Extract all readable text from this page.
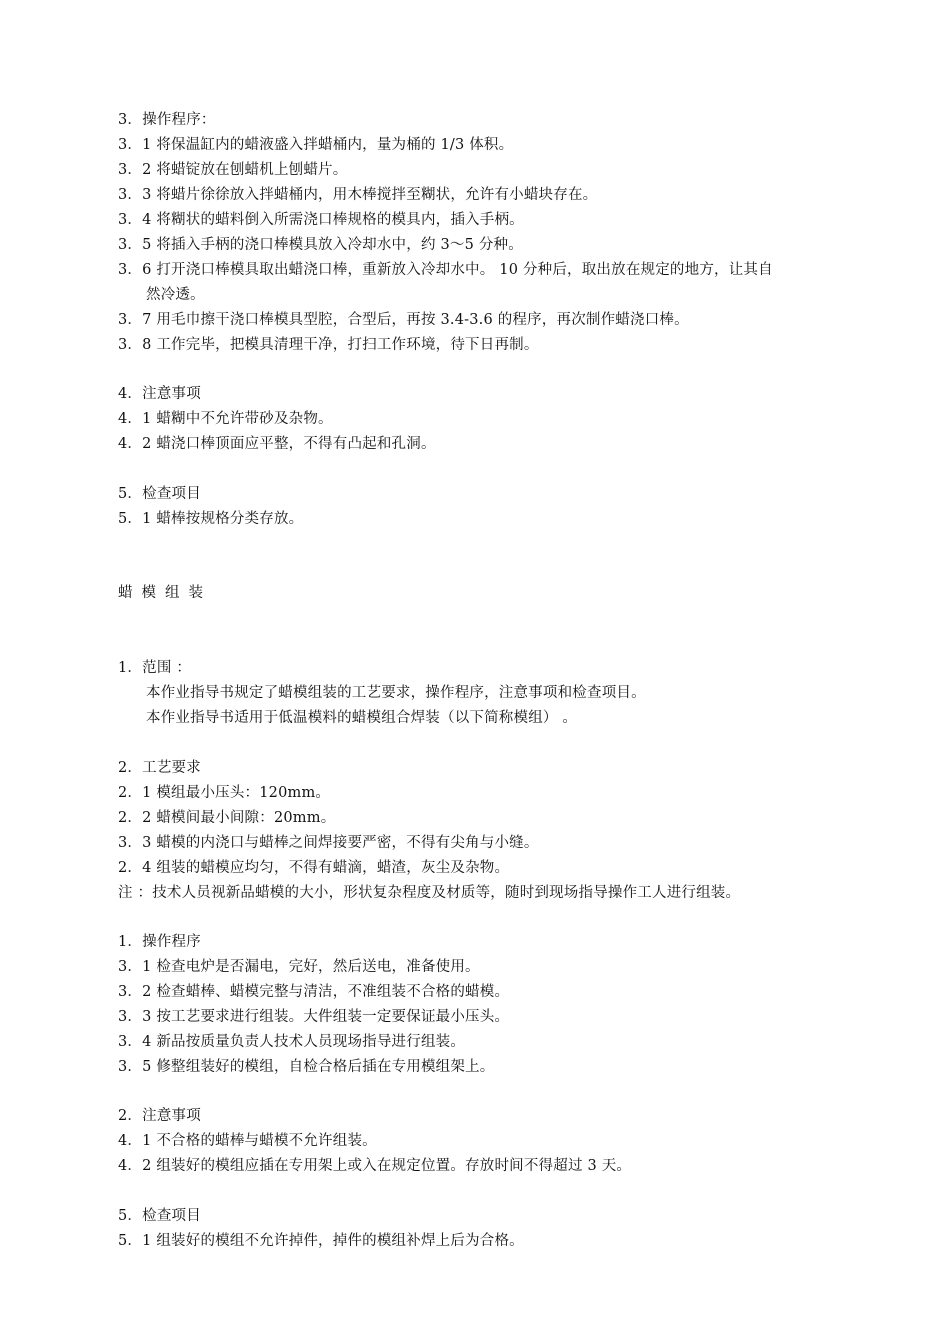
3．操作程序：
3．1 将保温缸内的蜡液盛入拌蜡桶内，量为桶的 1/3 体积。
3．2 将蜡锭放在刨蜡机上刨蜡片。
3．3 将蜡片徐徐放入拌蜡桶内，用木棒搅拌至糊状，允许有小蜡块存在。
3．4 将糊状的蜡料倒入所需浇口棒规格的模具内，插入手柄。
3．5 将插入手柄的浇口棒模具放入冷却水中，约 3～5 分种。
3．6 打开浇口棒模具取出蜡浇口棒，重新放入冷却水中。 10 分种后，取出放在规定的地方，让其自
然冷透。
3．7 用毛巾擦干浇口棒模具型腔，合型后，再按 3.4-3.6 的程序，再次制作蜡浇口棒。
3．8 工作完毕，把模具清理干净，打扫工作环境，待下日再制。
4．注意事项
4．1 蜡糊中不允许带砂及杂物。
4．2 蜡浇口棒顶面应平整，不得有凸起和孔洞。
5．检查项目
5．1 蜡棒按规格分类存放。
蜡模组装
1．范围 ：
本作业指导书规定了蜡模组装的工艺要求，操作程序，注意事项和检查项目。
本作业指导书适用于低温模料的蜡模组合焊装（以下简称模组） 。
2．工艺要求
2．1 模组最小压头：120mm。
2．2 蜡模间最小间隙：20mm。
3．3 蜡模的内浇口与蜡棒之间焊接要严密，不得有尖角与小缝。
2．4 组装的蜡模应均匀，不得有蜡滴，蜡渣，灰尘及杂物。
注 ：技术人员视新品蜡模的大小，形状复杂程度及材质等，随时到现场指导操作工人进行组装。
1．操作程序
3．1 检查电炉是否漏电，完好，然后送电，准备使用。
3．2 检查蜡棒、蜡模完整与清洁，不准组装不合格的蜡模。
3．3 按工艺要求进行组装。大件组装一定要保证最小压头。
3．4 新品按质量负责人技术人员现场指导进行组装。
3．5 修整组装好的模组，自检合格后插在专用模组架上。
2．注意事项
4．1 不合格的蜡棒与蜡模不允许组装。
4．2 组装好的模组应插在专用架上或入在规定位置。存放时间不得超过 3 天。
5．检查项目
5．1 组装好的模组不允许掉件，掉件的模组补焊上后为合格。
